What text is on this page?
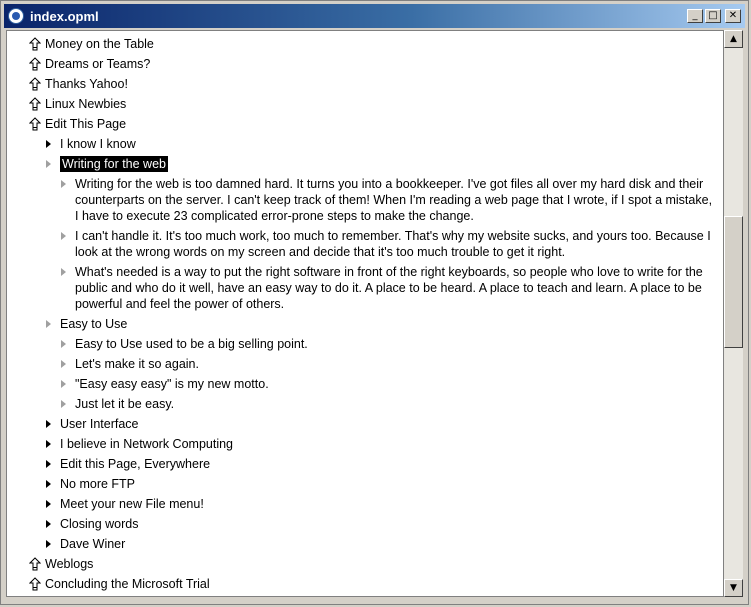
index.opml	_	□	✕
Money on the Table
Dreams or Teams?
Thanks Yahoo!
Linux Newbies
Edit This Page
I know I know
Writing for the web
Writing for the web is too damned hard. It turns you into a bookkeeper. I've got files all over my hard disk and their counterparts on the server. I can't keep track of them! When I'm reading a web page that I wrote, if I spot a mistake, I have to execute 23 complicated error-prone steps to make the change.
I can't handle it. It's too much work, too much to remember. That's why my website sucks, and yours too. Because I look at the wrong words on my screen and decide that it's too much trouble to get it right.
What's needed is a way to put the right software in front of the right keyboards, so people who love to write for the public and who do it well, have an easy way to do it. A place to be heard. A place to teach and learn. A place to be powerful and feel the power of others.
Easy to Use
Easy to Use used to be a big selling point.
Let's make it so again.
"Easy easy easy" is my new motto.
Just let it be easy.
User Interface
I believe in Network Computing
Edit this Page, Everywhere
No more FTP
Meet your new File menu!
Closing words
Dave Winer
Weblogs
Concluding the Microsoft Trial
▲
▼
